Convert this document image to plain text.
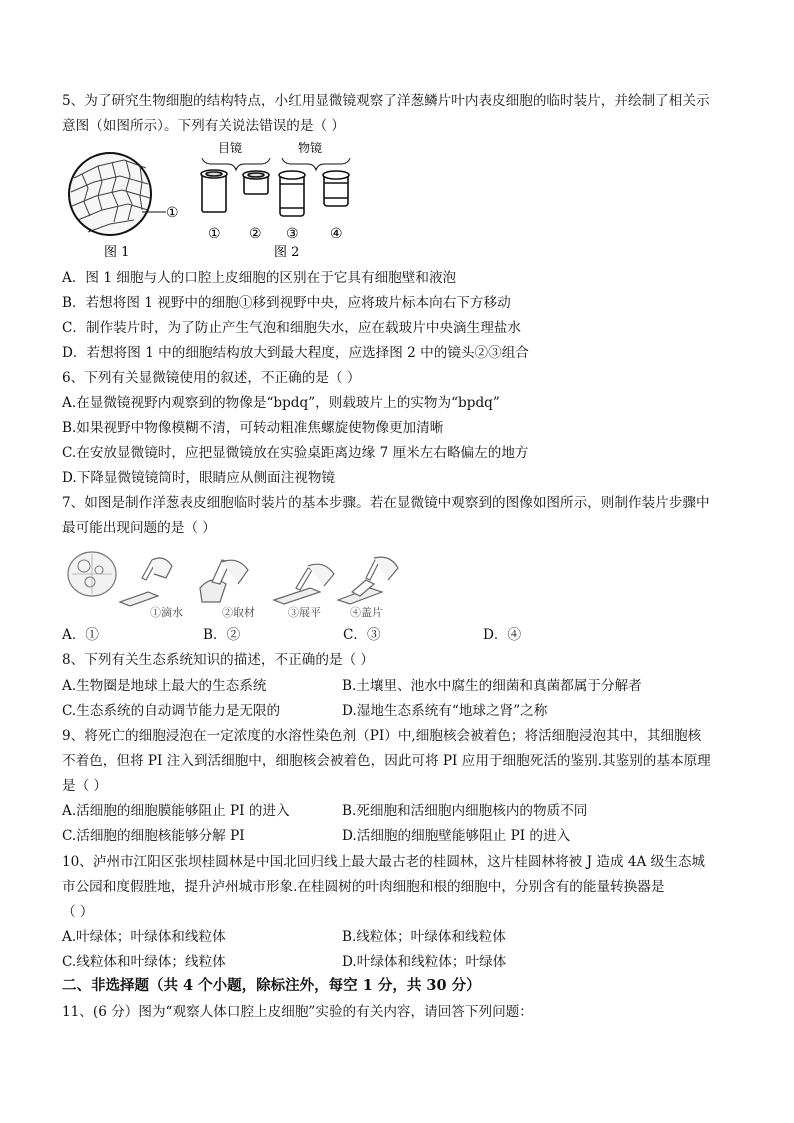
5、为了研究生物细胞的结构特点，小红用显微镜观察了洋葱鳞片叶内表皮细胞的临时装片，并绘制了相关示
意图（如图所示）。下列有关说法错误的是（ ）
①
图 1
目镜	物镜
① ② ③ ④
图 2
A．图 1 细胞与人的口腔上皮细胞的区别在于它具有细胞壁和液泡
B．若想将图 1 视野中的细胞①移到视野中央，应将玻片标本向右下方移动
C．制作装片时，为了防止产生气泡和细胞失水，应在载玻片中央滴生理盐水
D．若想将图 1 中的细胞结构放大到最大程度，应选择图 2 中的镜头②③组合
6、下列有关显微镜使用的叙述，不正确的是（ ）
A.在显微镜视野内观察到的物像是“bpdq”，则载玻片上的实物为“bpdq”
B.如果视野中物像模糊不清，可转动粗准焦螺旋使物像更加清晰
C.在安放显微镜时，应把显微镜放在实验桌距离边缘 7 厘米左右略偏左的地方
D.下降显微镜镜筒时，眼睛应从侧面注视物镜
7、如图是制作洋葱表皮细胞临时装片的基本步骤。若在显微镜中观察到的图像如图所示，则制作装片步骤中
最可能出现问题的是（ ）
①滴水	②取材	③展平	④盖片
A．①	B．②	C．③	D．④
8、下列有关生态系统知识的描述，不正确的是（ ）
A.生物圈是地球上最大的生态系统	B.土壤里、池水中腐生的细菌和真菌都属于分解者
C.生态系统的自动调节能力是无限的	D.湿地生态系统有“地球之肾”之称
9、将死亡的细胞浸泡在一定浓度的水溶性染色剂（PI）中,细胞核会被着色；将活细胞浸泡其中，其细胞核
不着色，但将 PI 注入到活细胞中，细胞核会被着色，因此可将 PI 应用于细胞死活的鉴别.其鉴别的基本原理
是（ ）
A.活细胞的细胞膜能够阻止 PI 的进入	B.死细胞和活细胞内细胞核内的物质不同
C.活细胞的细胞核能够分解 PI	D.活细胞的细胞壁能够阻止 PI 的进入
10、泸州市江阳区张坝桂圆林是中国北回归线上最大最古老的桂圆林，这片桂圆林将被 J 造成 4A 级生态城
市公园和度假胜地，提升泸州城市形象.在桂圆树的叶肉细胞和根的细胞中，分别含有的能量转换器是
（ ）
A.叶绿体；叶绿体和线粒体	B.线粒体；叶绿体和线粒体
C.线粒体和叶绿体；线粒体	D.叶绿体和线粒体；叶绿体
二、非选择题（共 4 个小题，除标注外，每空 1 分，共 30 分）
11、(6 分）图为“观察人体口腔上皮细胞”实验的有关内容，请回答下列问题：
